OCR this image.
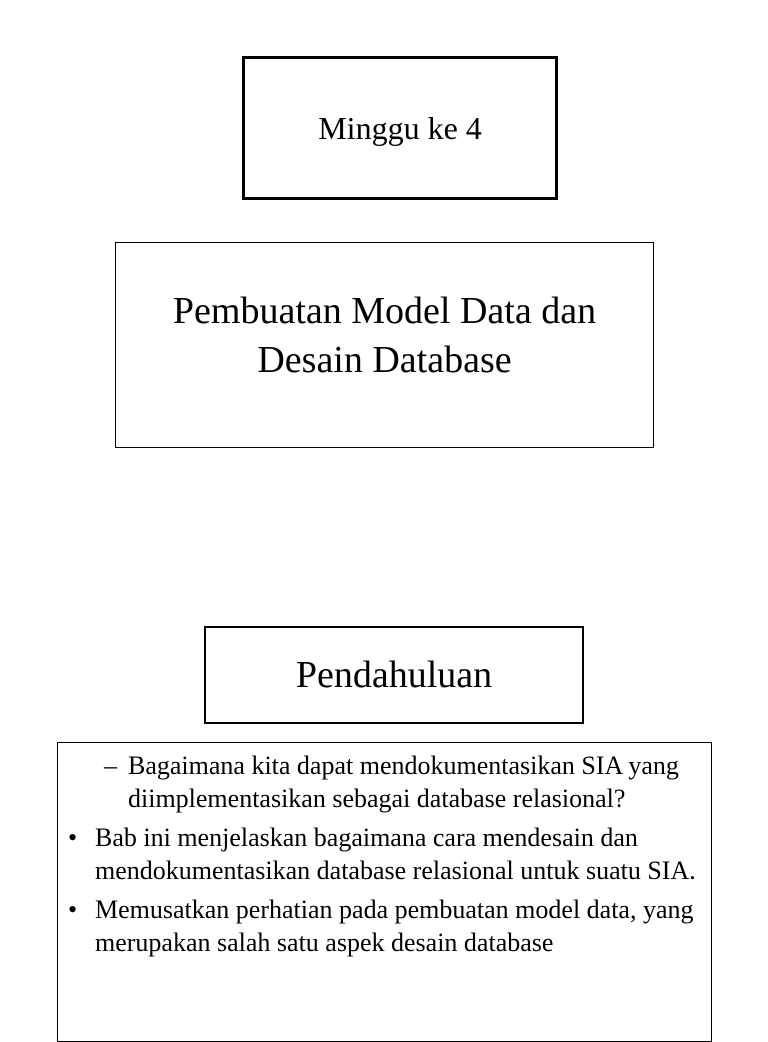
Minggu ke 4
Pembuatan Model Data dan
Desain Database
Pendahuluan
– Bagaimana kita dapat mendokumentasikan SIA yang diimplementasikan sebagai database relasional?
• Bab ini menjelaskan bagaimana cara mendesain dan mendokumentasikan database relasional untuk suatu SIA.
• Memusatkan perhatian pada pembuatan model data, yang merupakan salah satu aspek desain database
